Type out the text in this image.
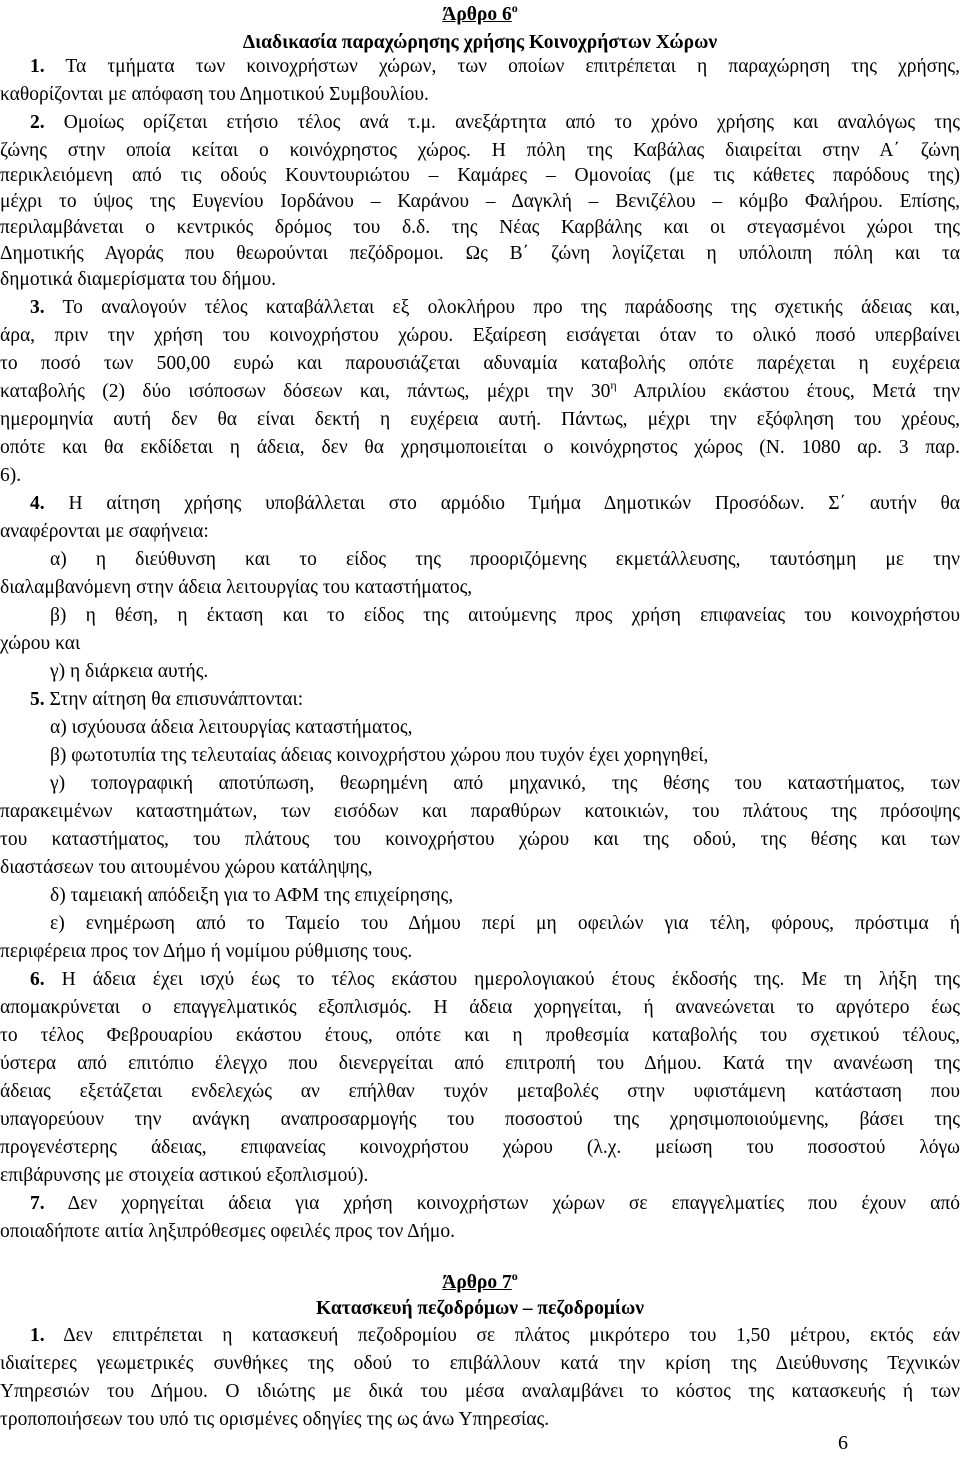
Άρθρο $6^o$
Διαδικασία παραχώρησης χρήσης Κοινοχρήστων Χώρων
1. Τα τμήματα των κοινοχρήστων χώρων, των οποίων επιτρέπεται η παραχώρηση της χρήσης,
καθορίζονται με απόφαση του Δημοτικού Συμβουλίου.
2. Ομοίως ορίζεται ετήσιο τέλος ανά τ.μ. ανεξάρτητα από το χρόνο χρήσης και αναλόγως της
ζώνης στην οποία κείται ο κοινόχρηστος χώρος. Η πόλη της Καβάλας διαιρείται στην Α΄ ζώνη
περικλειόμενη από τις οδούς Κουντουριώτου – Καμάρες – Ομονοίας (με τις κάθετες παρόδους της)
μέχρι το ύψος της Ευγενίου Ιορδάνου – Καράνου – Δαγκλή – Βενιζέλου – κόμβο Φαλήρου. Επίσης,
περιλαμβάνεται ο κεντρικός δρόμος του δ.δ. της Νέας Καρβάλης και οι στεγασμένοι χώροι της
Δημοτικής Αγοράς που θεωρούνται πεζόδρομοι. Ως Β΄ ζώνη λογίζεται η υπόλοιπη πόλη και τα
δημοτικά διαμερίσματα του δήμου.
3. Το αναλογούν τέλος καταβάλλεται εξ ολοκλήρου προ της παράδοσης της σχετικής άδειας και,
άρα, πριν την χρήση του κοινοχρήστου χώρου. Εξαίρεση εισάγεται όταν το ολικό ποσό υπερβαίνει
το ποσό των 500,00 ευρώ και παρουσιάζεται αδυναμία καταβολής οπότε παρέχεται η ευχέρεια
καταβολής (2) δύο ισόποσων δόσεων και, πάντως, μέχρι την $30^\eta$ Απριλίου εκάστου έτους, Μετά την
ημερομηνία αυτή δεν θα είναι δεκτή η ευχέρεια αυτή. Πάντως, μέχρι την εξόφληση του χρέους,
οπότε και θα εκδίδεται η άδεια, δεν θα χρησιμοποιείται ο κοινόχρηστος χώρος (Ν. 1080 αρ. 3 παρ.
6).
4. Η αίτηση χρήσης υποβάλλεται στο αρμόδιο Τμήμα Δημοτικών Προσόδων. Σ΄ αυτήν θα
αναφέρονται με σαφήνεια:
α) η διεύθυνση και το είδος της προοριζόμενης εκμετάλλευσης, ταυτόσημη με την
διαλαμβανόμενη στην άδεια λειτουργίας του καταστήματος,
β) η θέση, η έκταση και το είδος της αιτούμενης προς χρήση επιφανείας του κοινοχρήστου
χώρου και
γ) η διάρκεια αυτής.
5. Στην αίτηση θα επισυνάπτονται:
α) ισχύουσα άδεια λειτουργίας καταστήματος,
β) φωτοτυπία της τελευταίας άδειας κοινοχρήστου χώρου που τυχόν έχει χορηγηθεί,
γ) τοπογραφική αποτύπωση, θεωρημένη από μηχανικό, της θέσης του καταστήματος, των
παρακειμένων καταστημάτων, των εισόδων και παραθύρων κατοικιών, του πλάτους της πρόσοψης
του καταστήματος, του πλάτους του κοινοχρήστου χώρου και της οδού, της θέσης και των
διαστάσεων του αιτουμένου χώρου κατάληψης,
δ) ταμειακή απόδειξη για το ΑΦΜ της επιχείρησης,
ε) ενημέρωση από το Ταμείο του Δήμου περί μη οφειλών για τέλη, φόρους, πρόστιμα ή
περιφέρεια προς τον Δήμο ή νομίμου ρύθμισης τους.
6. Η άδεια έχει ισχύ έως το τέλος εκάστου ημερολογιακού έτους έκδοσής της. Με τη λήξη της
απομακρύνεται ο επαγγελματικός εξοπλισμός. Η άδεια χορηγείται, ή ανανεώνεται το αργότερο έως
το τέλος Φεβρουαρίου εκάστου έτους, οπότε και η προθεσμία καταβολής του σχετικού τέλους,
ύστερα από επιτόπιο έλεγχο που διενεργείται από επιτροπή του Δήμου. Κατά την ανανέωση της
άδειας εξετάζεται ενδελεχώς αν επήλθαν τυχόν μεταβολές στην υφιστάμενη κατάσταση που
υπαγορεύουν την ανάγκη αναπροσαρμογής του ποσοστού της χρησιμοποιούμενης, βάσει της
προγενέστερης άδειας, επιφανείας κοινοχρήστου χώρου (λ.χ. μείωση του ποσοστού λόγω
επιβάρυνσης με στοιχεία αστικού εξοπλισμού).
7. Δεν χορηγείται άδεια για χρήση κοινοχρήστων χώρων σε επαγγελματίες που έχουν από
οποιαδήποτε αιτία ληξιπρόθεσμες οφειλές προς τον Δήμο.
Άρθρο $7^o$
Κατασκευή πεζοδρόμων – πεζοδρομίων
1. Δεν επιτρέπεται η κατασκευή πεζοδρομίου σε πλάτος μικρότερο του 1,50 μέτρου, εκτός εάν
ιδιαίτερες γεωμετρικές συνθήκες της οδού το επιβάλλουν κατά την κρίση της Διεύθυνσης Τεχνικών
Υπηρεσιών του Δήμου. Ο ιδιώτης με δικά του μέσα αναλαμβάνει το κόστος της κατασκευής ή των
τροποποιήσεων του υπό τις ορισμένες οδηγίες της ως άνω Υπηρεσίας.
6
